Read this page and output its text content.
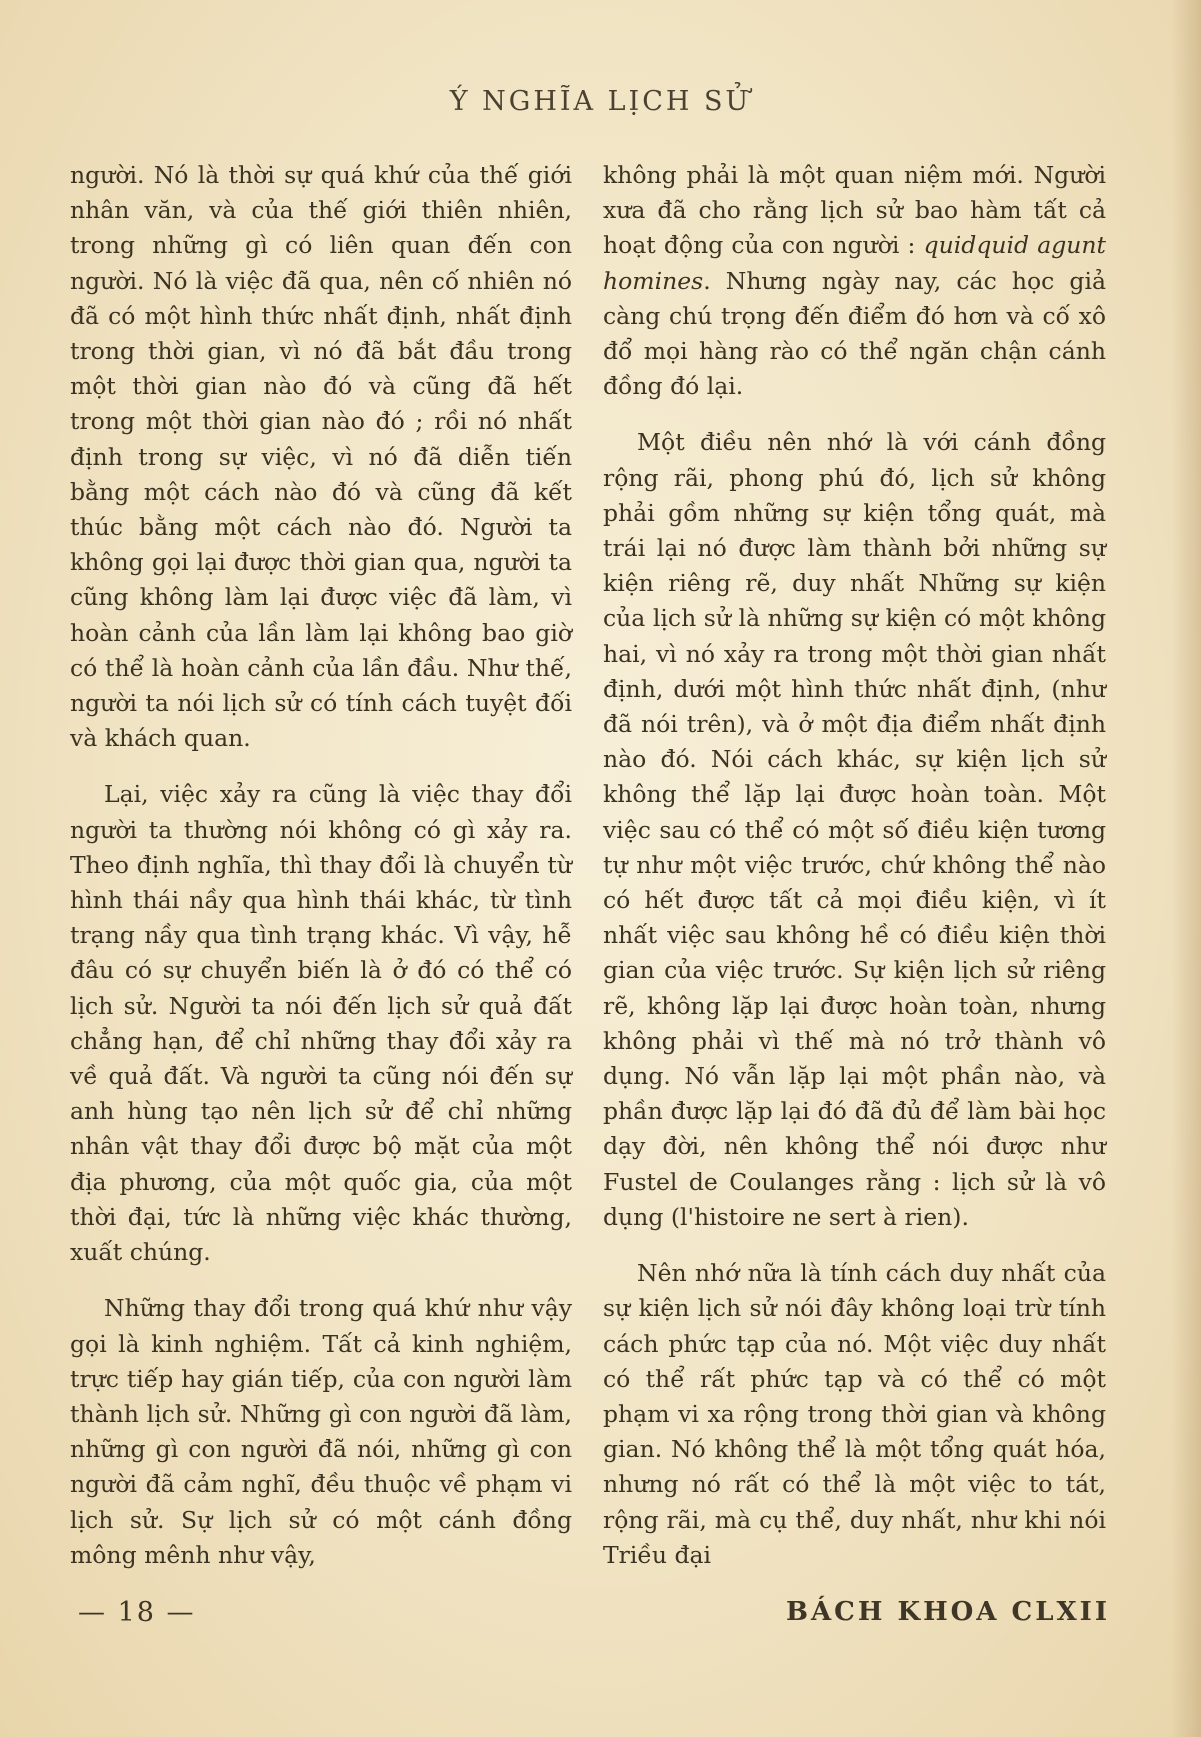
Ý NGHĨA LỊCH SỬ

người. Nó là thời sự quá khứ của thế giới nhân văn, và của thế giới thiên nhiên, trong những gì có liên quan đến con người. Nó là việc đã qua, nên cố nhiên nó đã có một hình thức nhất định, nhất định trong thời gian, vì nó đã bắt đầu trong một thời gian nào đó và cũng đã hết trong một thời gian nào đó ; rồi nó nhất định trong sự việc, vì nó đã diễn tiến bằng một cách nào đó và cũng đã kết thúc bằng một cách nào đó. Người ta không gọi lại được thời gian qua, người ta cũng không làm lại được việc đã làm, vì hoàn cảnh của lần làm lại không bao giờ có thể là hoàn cảnh của lần đầu. Như thế, người ta nói lịch sử có tính cách tuyệt đối và khách quan.

Lại, việc xảy ra cũng là việc thay đổi người ta thường nói không có gì xảy ra. Theo định nghĩa, thì thay đổi là chuyển từ hình thái nầy qua hình thái khác, từ tình trạng nầy qua tình trạng khác. Vì vậy, hễ đâu có sự chuyển biến là ở đó có thể có lịch sử. Người ta nói đến lịch sử quả đất chẳng hạn, để chỉ những thay đổi xảy ra về quả đất. Và người ta cũng nói đến sự anh hùng tạo nên lịch sử để chỉ những nhân vật thay đổi được bộ mặt của một địa phương, của một quốc gia, của một thời đại, tức là những việc khác thường, xuất chúng.

Những thay đổi trong quá khứ như vậy gọi là kinh nghiệm. Tất cả kinh nghiệm, trực tiếp hay gián tiếp, của con người làm thành lịch sử. Những gì con người đã làm, những gì con người đã nói, những gì con người đã cảm nghĩ, đều thuộc về phạm vi lịch sử. Sự lịch sử có một cánh đồng mông mênh như vậy,

không phải là một quan niệm mới. Người xưa đã cho rằng lịch sử bao hàm tất cả hoạt động của con người : quidquid agunt homines. Nhưng ngày nay, các học giả càng chú trọng đến điểm đó hơn và cố xô đổ mọi hàng rào có thể ngăn chận cánh đồng đó lại.

Một điều nên nhớ là với cánh đồng rộng rãi, phong phú đó, lịch sử không phải gồm những sự kiện tổng quát, mà trái lại nó được làm thành bởi những sự kiện riêng rẽ, duy nhất Những sự kiện của lịch sử là những sự kiện có một không hai, vì nó xảy ra trong một thời gian nhất định, dưới một hình thức nhất định, (như đã nói trên), và ở một địa điểm nhất định nào đó. Nói cách khác, sự kiện lịch sử không thể lặp lại được hoàn toàn. Một việc sau có thể có một số điều kiện tương tự như một việc trước, chứ không thể nào có hết được tất cả mọi điều kiện, vì ít nhất việc sau không hề có điều kiện thời gian của việc trước. Sự kiện lịch sử riêng rẽ, không lặp lại được hoàn toàn, nhưng không phải vì thế mà nó trở thành vô dụng. Nó vẫn lặp lại một phần nào, và phần được lặp lại đó đã đủ để làm bài học dạy đời, nên không thể nói được như Fustel de Coulanges rằng : lịch sử là vô dụng (l'histoire ne sert à rien).

Nên nhớ nữa là tính cách duy nhất của sự kiện lịch sử nói đây không loại trừ tính cách phức tạp của nó. Một việc duy nhất có thể rất phức tạp và có thể có một phạm vi xa rộng trong thời gian và không gian. Nó không thể là một tổng quát hóa, nhưng nó rất có thể là một việc to tát, rộng rãi, mà cụ thể, duy nhất, như khi nói Triều đại

— 18 —	BÁCH KHOA CLXII
